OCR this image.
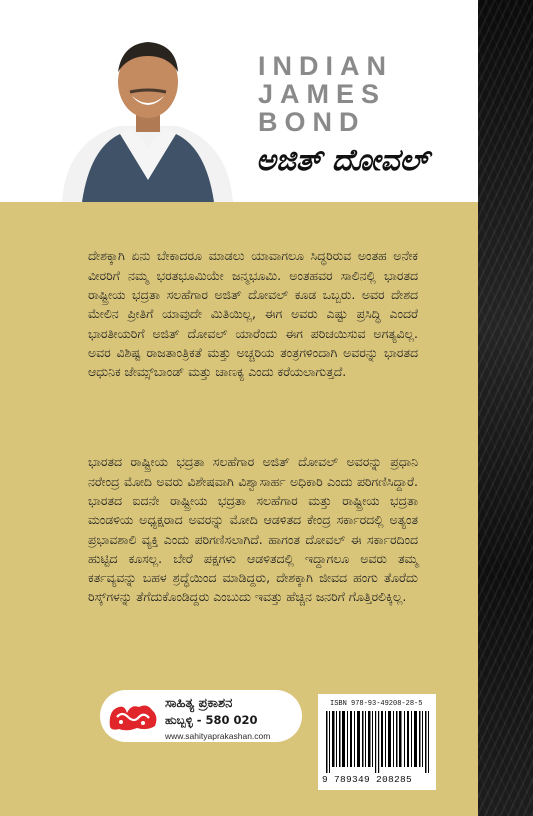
INDIAN
JAMES
BOND
ಅಜಿತ್ ದೋವಲ್

ದೇಶಕ್ಕಾಗಿ ಏನು ಬೇಕಾದರೂ ಮಾಡಲು ಯಾವಾಗಲೂ ಸಿದ್ಧರಿರುವ ಅಂತಹ ಅನೇಕ ವೀರರಿಗೆ ನಮ್ಮ ಭರತಭೂಮಿಯೇ ಜನ್ಮಭೂಮಿ. ಅಂತಹವರ ಸಾಲಿನಲ್ಲಿ ಭಾರತದ ರಾಷ್ಟ್ರೀಯ ಭದ್ರತಾ ಸಲಹೆಗಾರ ಅಜಿತ್ ದೋವಲ್ ಕೂಡ ಒಬ್ಬರು. ಅವರ ದೇಶದ ಮೇಲಿನ ಪ್ರೀತಿಗೆ ಯಾವುದೇ ಮಿತಿಯಿಲ್ಲ, ಈಗ ಅವರು ಎಷ್ಟು ಪ್ರಸಿದ್ಧಿ ಎಂದರೆ ಭಾರತೀಯರಿಗೆ ಅಜಿತ್ ದೋವಲ್ ಯಾರೆಂದು ಈಗ ಪರಿಚಯಿಸುವ ಅಗತ್ಯವಿಲ್ಲ. ಅವರ ವಿಶಿಷ್ಟ ರಾಜತಾಂತ್ರಿಕತೆ ಮತ್ತು ಅಚ್ಚರಿಯ ತಂತ್ರಗಳಿಂದಾಗಿ ಅವರನ್ನು ಭಾರತದ ಆಧುನಿಕ ಜೇಮ್ಸ್‌ಬಾಂಡ್ ಮತ್ತು ಚಾಣಕ್ಯ ಎಂದು ಕರೆಯಲಾಗುತ್ತದೆ.

ಭಾರತದ ರಾಷ್ಟ್ರೀಯ ಭದ್ರತಾ ಸಲಹೆಗಾರ ಅಜಿತ್ ದೋವಲ್ ಅವರನ್ನು ಪ್ರಧಾನಿ ನರೇಂದ್ರ ಮೋದಿ ಅವರು ವಿಶೇಷವಾಗಿ ವಿಶ್ವಾಸಾರ್ಹ ಅಧಿಕಾರಿ ಎಂದು ಪರಿಗಣಿಸಿದ್ದಾರೆ. ಭಾರತದ ಐದನೇ ರಾಷ್ಟ್ರೀಯ ಭದ್ರತಾ ಸಲಹೆಗಾರ ಮತ್ತು ರಾಷ್ಟ್ರೀಯ ಭದ್ರತಾ ಮಂಡಳಿಯ ಅಧ್ಯಕ್ಷರಾದ ಅವರನ್ನು ಮೋದಿ ಆಡಳಿತದ ಕೇಂದ್ರ ಸರ್ಕಾರದಲ್ಲಿ ಅತ್ಯಂತ ಪ್ರಭಾವಶಾಲಿ ವ್ಯಕ್ತಿ ಎಂದು ಪರಿಗಣಿಸಲಾಗಿದೆ. ಹಾಗಂತ ದೋವಲ್ ಈ ಸರ್ಕಾರದಿಂದ ಹುಟ್ಟಿದ ಕೂಸಲ್ಲ. ಬೇರೆ ಪಕ್ಷಗಳು ಆಡಳಿತದಲ್ಲಿ ಇದ್ದಾಗಲೂ ಅವರು ತಮ್ಮ ಕರ್ತವ್ಯವನ್ನು ಬಹಳ ಶ್ರದ್ಧೆಯಿಂದ ಮಾಡಿದ್ದರು, ದೇಶಕ್ಕಾಗಿ ಜೀವದ ಹಂಗು ತೊರೆದು ರಿಸ್ಕ್‌ಗಳನ್ನು ತೆಗೆದುಕೊಂಡಿದ್ದರು ಎಂಬುದು ಇವತ್ತು ಹೆಚ್ಚಿನ ಜನರಿಗೆ ಗೊತ್ತಿರಲಿಕ್ಕಿಲ್ಲ.

ಸಾಹಿತ್ಯ ಪ್ರಕಾಶನ
ಹುಬ್ಬಳ್ಳಿ - 580 020
www.sahityaprakashan.com
ISBN 978-93-49208-28-5
9 789349 208285
